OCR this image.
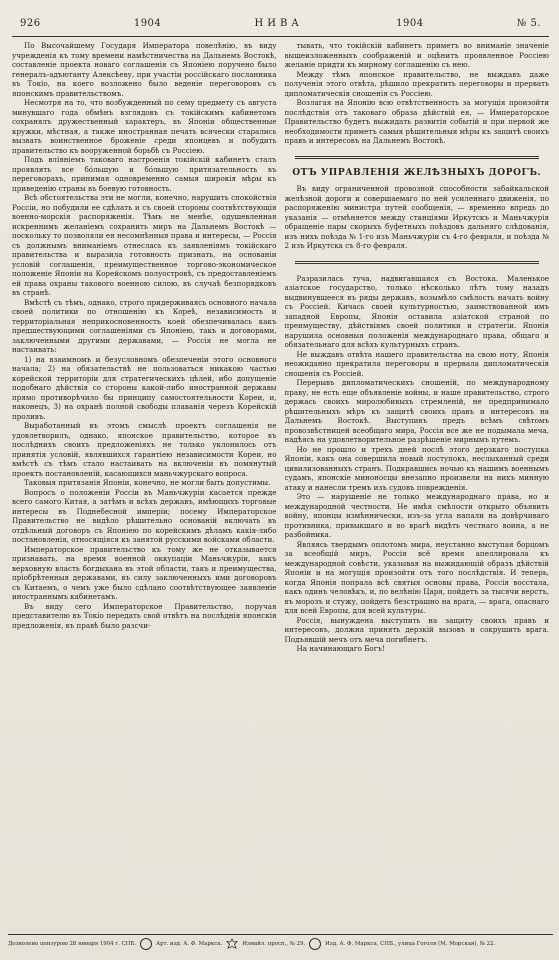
926	1904	НИВА	1904	№ 5.

По Высочайшему Государя Императора повелѣнію, въ виду учрежденія къ тому времени намѣстничества на Дальнемъ Востокѣ, составленіе проекта новаго соглашенія съ Японіею поручено было генералъ-адъютанту Алексѣеву, при участіи россійскаго посланника въ Токіо, на коего возложено было веденіе переговоровъ съ японскимъ правительствомъ.

Несмотря на то, что возбужденный по сему предмету съ августа минувшаго года обмѣнъ взглядовъ съ токійскимъ кабинетомъ сохранялъ дружественный характеръ, въ Японіи общественные кружки, мѣстная, а также иностранная печать всячески старались вызвать воинственное броженіе среди японцевъ и побудить правительство къ вооруженной борьбѣ съ Россіею.

Подъ вліяніемъ таковаго настроенія токійскій кабинетъ сталъ проявлять все бóльшую и бóльшую притязательность въ переговорахъ, принимая одновременно самыя широкія мѣры къ приведенію страны въ боевую готовность.

Всѣ обстоятельства эти не могли, конечно, нарушить спокойствія Россіи, но побудили ее сдѣлать и съ своей стороны соотвѣтствующія военно-морскія распоряженія. Тѣмъ не менѣе, одушевленная искреннимъ желаніемъ сохранить миръ на Дальнемъ Востокѣ — поскольку то позволяли ея несомнѣнныя права и интересы, — Россія съ должнымъ вниманіемъ отнеслась къ заявленіямъ токійскаго правительства и выразила готовность признать, на основаніи условій соглашенія, преимущественное торгово-экономическое положеніе Японіи на Корейскомъ полуостровѣ, съ предоставленіемъ ей права охраны такового военною силою, въ случаѣ безпорядковъ въ странѣ.

Вмѣстѣ съ тѣмъ, однако, строго придерживаясь основного начала своей политики по отношенію къ Кореѣ, независимость и территоріальная неприкосновенность коей обезпечивалась какъ предшествующими соглашеніями съ Японіею, такъ и договорами, заключенными другими державами, — Россія не могла не настаивать:

1) на взаимномъ и безусловномъ обезпеченіи этого основного начала; 2) на обязательствѣ не пользоваться никакою частью корейской территоріи для стратегическихъ цѣлей, ибо допущеніе подобнаго дѣйствія со стороны какой-либо иностранной державы прямо противорѣчило бы принципу самостоятельности Кореи, и, наконецъ, 3) на охранѣ полной свободы плаванія черезъ Корейскій проливъ.

Выработанный въ этомъ смыслѣ проектъ соглашенія не удовлетворилъ, однако, японское правительство, которое въ послѣднихъ своихъ предложеніяхъ не только уклонилось отъ принятія условій, являвшихся гарантіею независимости Кореи, но вмѣстѣ съ тѣмъ стало настаивать на включеніи въ помянутый проектъ постановленій, касающихся маньчжурскаго вопроса.

Таковыя притязанія Японіи, конечно, не могли быть допустимы.

Вопросъ о положеніи Россіи въ Маньчжуріи касается прежде всего самого Китая, а затѣмъ и всѣхъ державъ, имѣющихъ торговые интересы въ Поднебесной имперіи; посему Императорское Правительство не видѣло рѣшительно основаній включать въ отдѣльный договоръ съ Японіею по корейскимъ дѣламъ какія-либо постановленія, относящіяся къ занятой русскими войсками области.

Императорское правительство къ тому же не отказывается признавать, на время военной оккупаціи Маньчжуріи, какъ верховную власть богдыхана въ этой области, такъ и преимущества, пріобрѣтенныя державами, въ силу заключенныхъ ими договоровъ съ Китаемъ, о чемъ уже было сдѣлано соотвѣтствующее заявленіе иностраннымъ кабинетамъ.

Въ виду сего Императорское Правительство, поручая представителю въ Токіо передать свой отвѣтъ на послѣднія японскія предложенія, въ правѣ было разсчи-

тывать, что токійскій кабинетъ приметъ во вниманіе значеніе вышеизложенныхъ соображеній и оцѣнитъ проявленное Россіею желаніе придти къ мирному соглашенію съ нею.

Между тѣмъ японское правительство, не выждавъ даже полученія этого отвѣта, рѣшило прекратить переговоры и прервать дипломатическія сношенія съ Россіею.

Возлагая на Японію всю отвѣтственность за могущія произойти послѣдствія отъ таковаго образа дѣйствій ея, — Императорское Правительство будетъ выжидать развитія событій и при первой же необходимости приметъ самыя рѣшительныя мѣры къ защитѣ своихъ правъ и интересовъ на Дальнемъ Востокѣ.

ОТЪ УПРАВЛЕНІЯ ЖЕЛѢЗНЫХЪ ДОРОГЪ.

Въ виду ограниченной провозной способности забайкальской желѣзной дороги и совершаемаго по ней усиленнаго движенія, по распоряженію министра путей сообщенія, — временно впредь до указанія — отмѣняется между станціями Иркутскъ и Маньчжурія обращеніе пары скорыхъ буфетныхъ поѣздовъ дальняго слѣдованія, изъ нихъ поѣзда № 1-го изъ Маньчжуріи съ 4-го февраля, и поѣзда № 2 изъ Иркутска съ 8-го февраля.

Разразилась туча, надвигавшаяся съ Востока. Маленькое азіатское государство, только нѣсколько лѣтъ тому назадъ выдвинувшееся въ ряды державъ, возымѣло смѣлость начать войну съ Россіей. Кичась своей культурностью, заимствованной имъ западной Европы, Японія оставила азіатской страной по преимуществу, дѣйствіямъ своей политики и стратегіи. Японія нарушила основныя положенія международнаго права, общаго и обязательнаго для всѣхъ культурныхъ странъ.

Не выждавъ отвѣта нашего правительства на свою ноту, Японія неожиданно прекратила переговоры и прервала дипломатическія сношенія съ Россіей.

Перерывъ дипломатическихъ сношеній, по международному праву, не есть еще объявленіе войны, и наше правительство, строго держась своихъ миролюбивыхъ стремленій, не предпринимало рѣшительныхъ мѣръ къ защитѣ своихъ правъ и интересовъ на Дальнемъ Востокѣ. Выступивъ предъ всѣмъ свѣтомъ провозвѣстницей всеобщаго мира, Россія все же не подымала меча, надѣясь на удовлетворительное разрѣшеніе мирнымъ путемъ.

Но не прошло и трехъ дней послѣ этого дерзкаго поступка Японіи, какъ она совершила новый поступокъ, неслыханный среди цивилизованныхъ странъ. Подкравшись ночью къ нашимъ военнымъ судамъ, японскіе миноносцы внезапно произвели на нихъ минную атаку и нанесли тремъ изъ судовъ поврежденія.

Это — нарушеніе не только международнаго права, но и международной честности. Не имѣя смѣлости открыто объявить войну, японцы измѣннически, изъ-за угла напали на довѣрчиваго противника, привыкшаго и во врагѣ видѣть честнаго воина, а не разбойника.

Являясь твердымъ оплотомъ мира, неустанно выступая борцомъ за всеобщій миръ, Россія всё время апеллировала къ международной совѣсти, указывая на выжидающій образъ дѣйствій Японіи и на могущія произойти отъ того послѣдствія. И теперь, когда Японія попрала всѣ святыя основы права, Россія восстала, какъ одинъ человѣкъ, и, по велѣнію Царя, пойдетъ за тысячи верстъ, въ морозъ и стужу, пойдетъ безстрашно на врага, — врага, опаснаго для всей Европы, для всей культуры.

Россія, вынуждена выступить на защиту своихъ правъ и интересовъ, должна принять дерзкій вызовъ и сокрушить врага. Подъявшій мечъ отъ меча погибнетъ.

На начинающаго Богъ!

Дозволено цензурою 28 января 1904 г. СПБ.	Арт. изд. А. Ф. Маркса.	Измайл. просп., № 29.	Изд. А. Ф. Маркса, СПБ., улица Гоголя (М. Морская), № 22.
